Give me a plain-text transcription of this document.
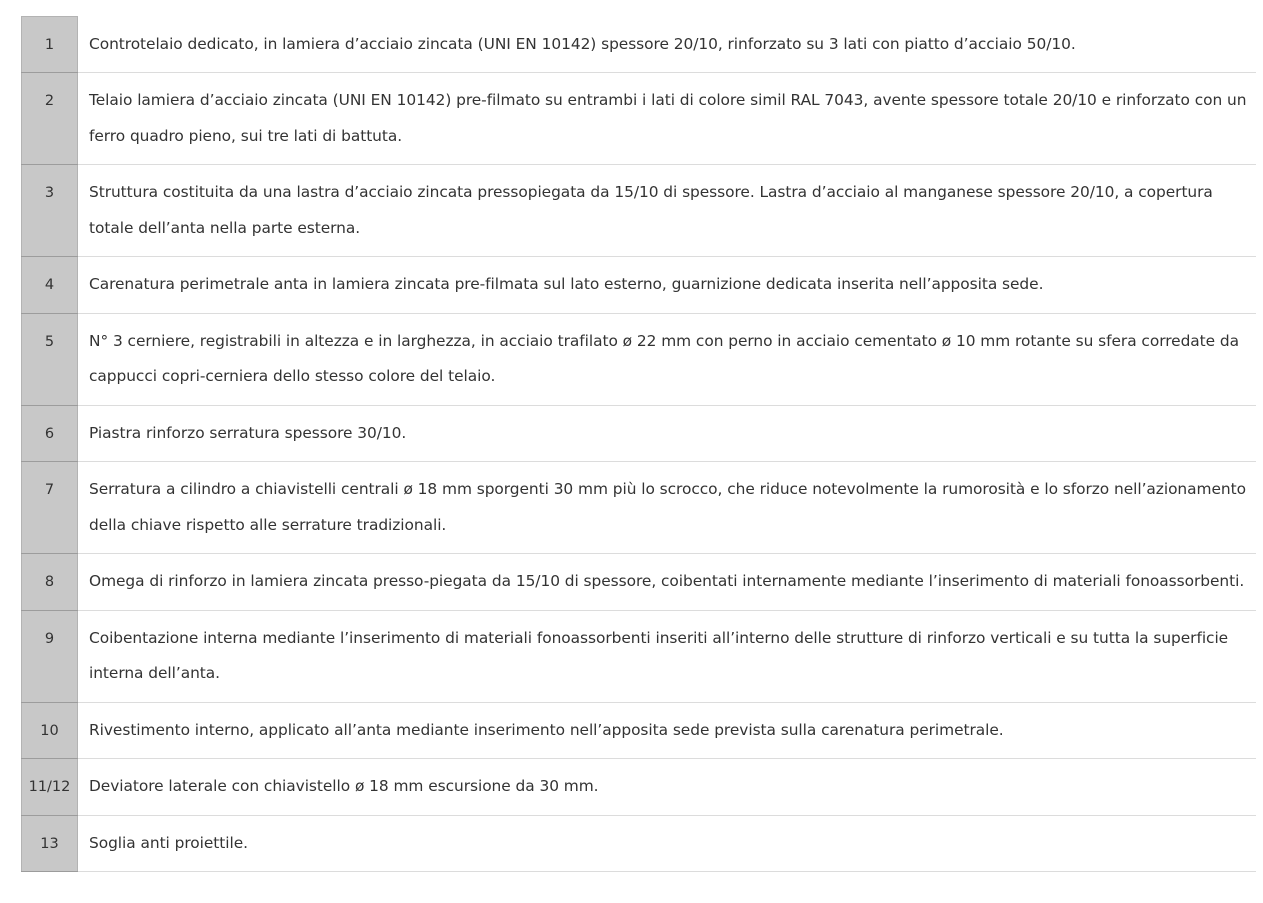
1	Controtelaio dedicato, in lamiera d’acciaio zincata (UNI EN 10142) spessore 20/10, rinforzato su 3 lati con piatto d’acciaio 50/10.
2	Telaio lamiera d’acciaio zincata (UNI EN 10142) pre-filmato su entrambi i lati di colore simil RAL 7043, avente spessore totale 20/10 e rinforzato con un ferro quadro pieno, sui tre lati di battuta.
3	Struttura costituita da una lastra d’acciaio zincata pressopiegata da 15/10 di spessore. Lastra d’acciaio al manganese spessore 20/10, a copertura totale dell’anta nella parte esterna.
4	Carenatura perimetrale anta in lamiera zincata pre-filmata sul lato esterno, guarnizione dedicata inserita nell’apposita sede.
5	N° 3 cerniere, registrabili in altezza e in larghezza, in acciaio trafilato ø 22 mm con perno in acciaio cementato ø 10 mm rotante su sfera corredate da cappucci copri-cerniera dello stesso colore del telaio.
6	Piastra rinforzo serratura spessore 30/10.
7	Serratura a cilindro a chiavistelli centrali ø 18 mm sporgenti 30 mm più lo scrocco, che riduce notevolmente la rumorosità e lo sforzo nell’azionamento della chiave rispetto alle serrature tradizionali.
8	Omega di rinforzo in lamiera zincata presso-piegata da 15/10 di spessore, coibentati internamente mediante l’inserimento di materiali fonoassorbenti.
9	Coibentazione interna mediante l’inserimento di materiali fonoassorbenti inseriti all’interno delle strutture di rinforzo verticali e su tutta la superficie interna dell’anta.
10	Rivestimento interno, applicato all’anta mediante inserimento nell’apposita sede prevista sulla carenatura perimetrale.
11/12	Deviatore laterale con chiavistello ø 18 mm escursione da 30 mm.
13	Soglia anti proiettile.
